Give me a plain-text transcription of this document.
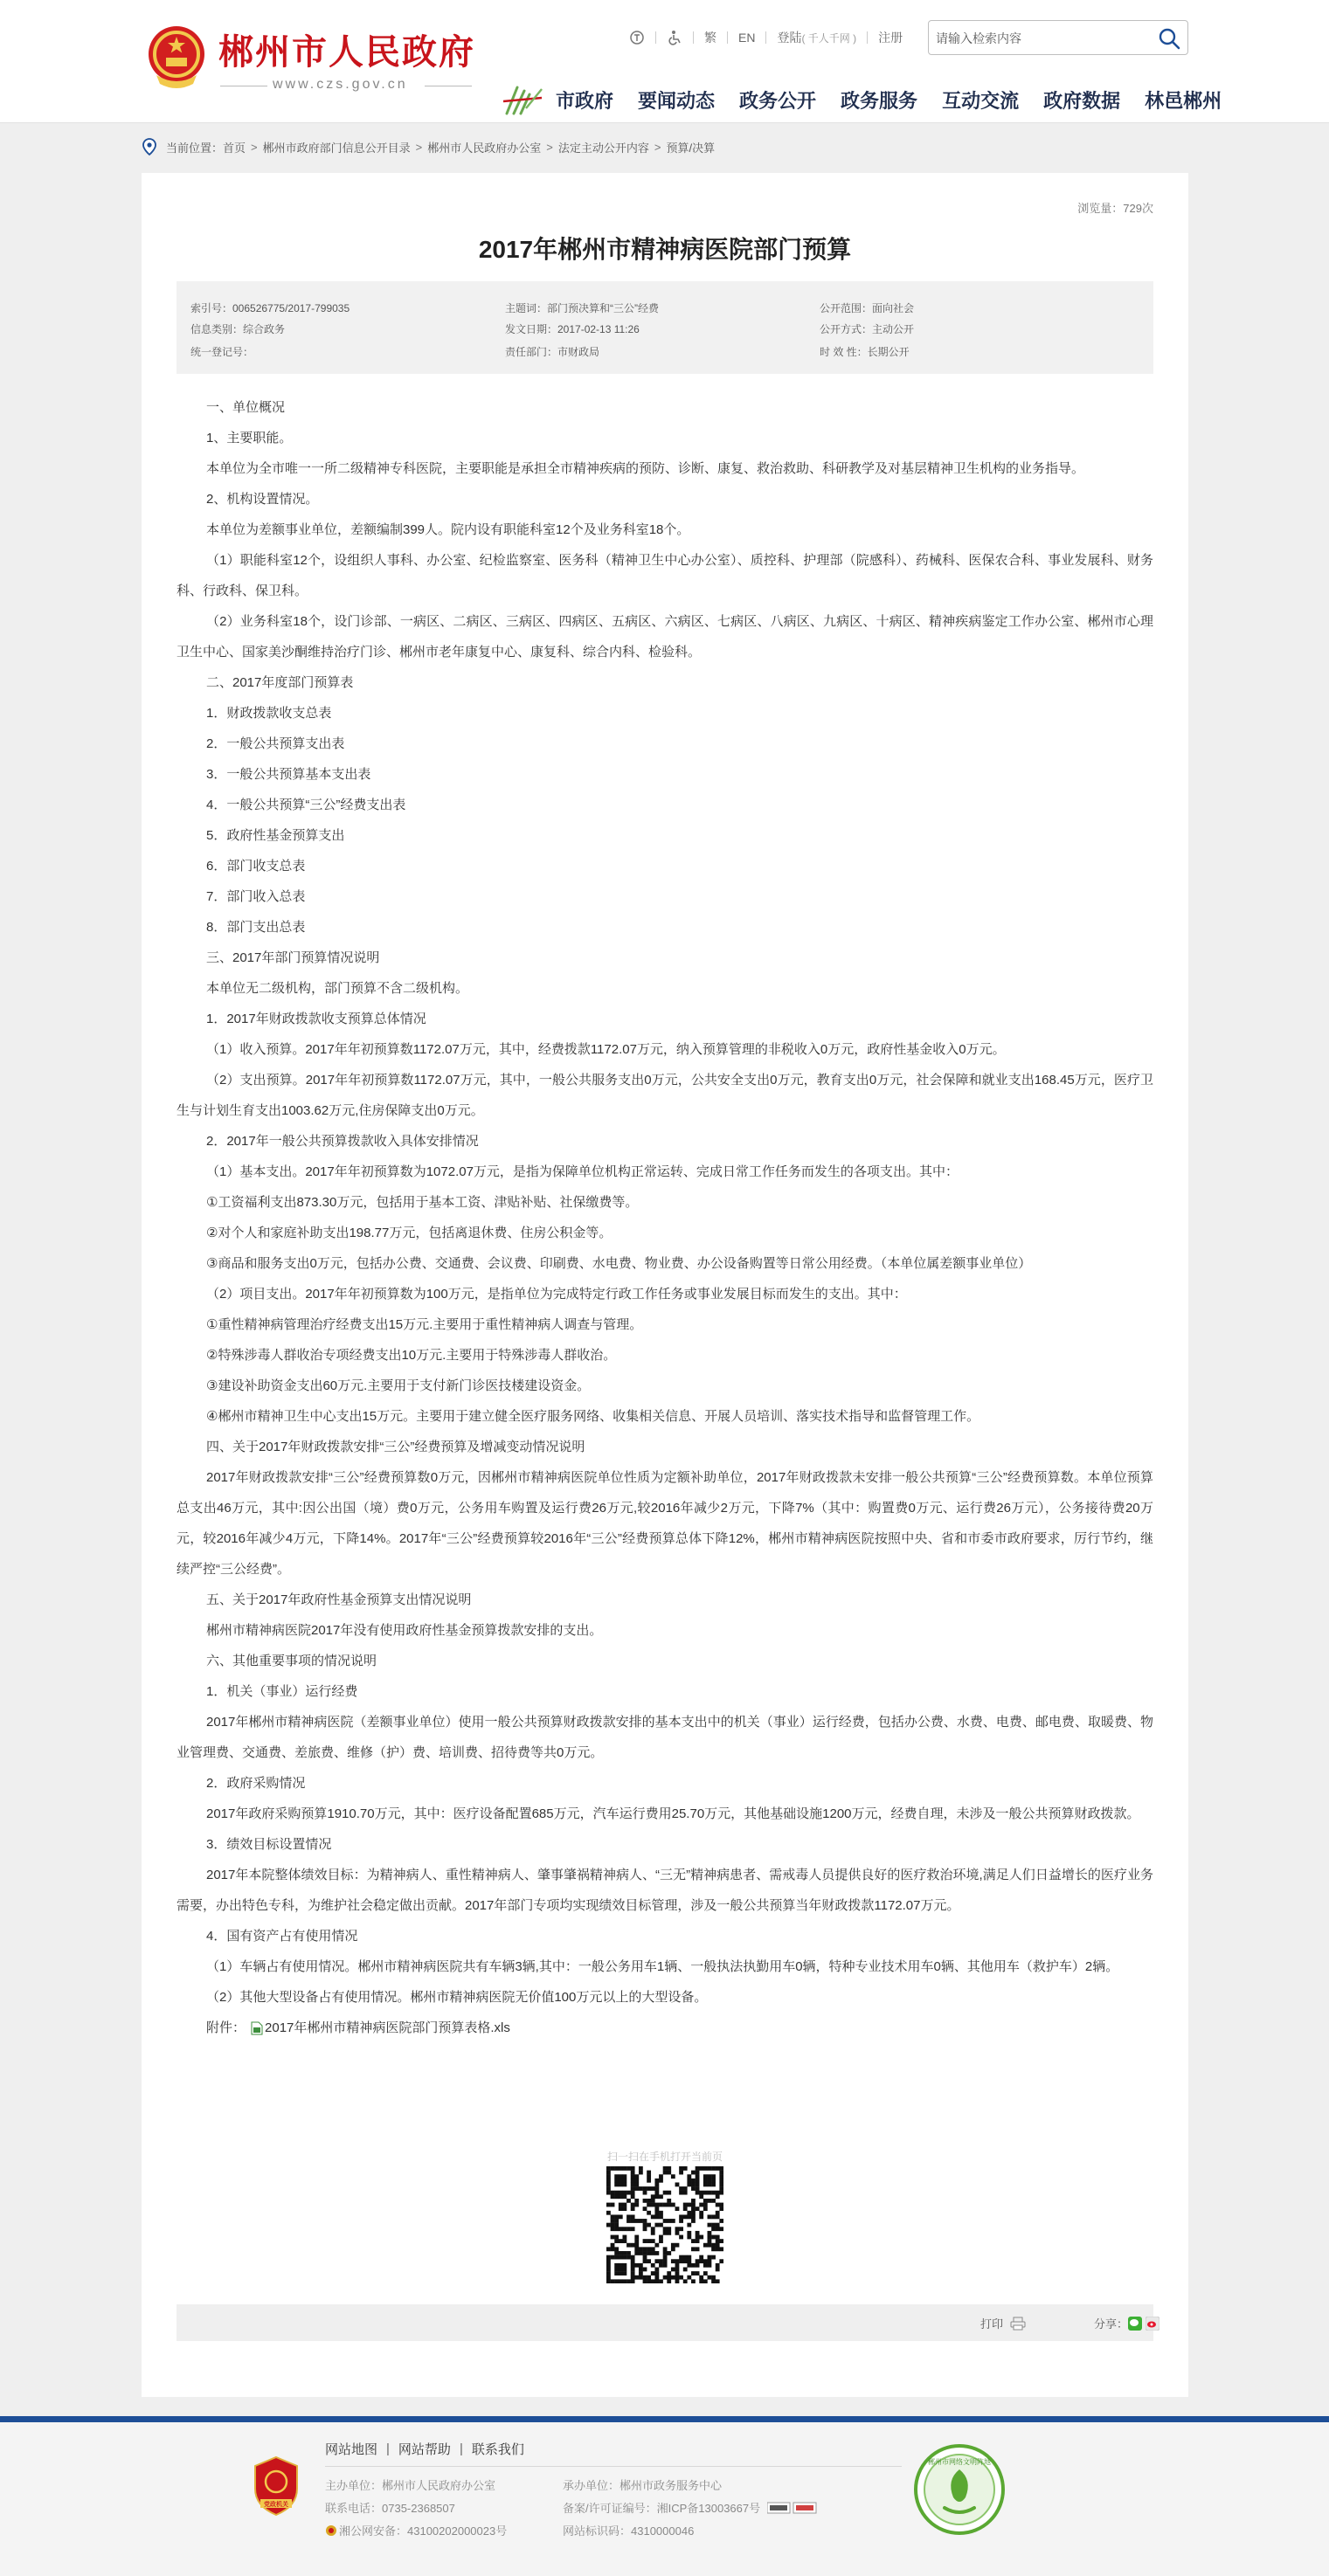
郴州市人民政府
www.czs.gov.cn
繁 EN 登陆 ( 千人千网 ) 注册
请输入检索内容
市政府 要闻动态 政务公开 政务服务 互动交流 政府数据 林邑郴州
当前位置： 首页 > 郴州市政府部门信息公开目录 > 郴州市人民政府办公室 > 法定主动公开内容 > 预算/决算
浏览量：729次
2017年郴州市精神病医院部门预算
索引号：006526775/2017-799035
信息类别：综合政务
统一登记号：
主题词：部门预决算和“三公”经费
发文日期：2017-02-13 11:26
责任部门：市财政局
公开范围：面向社会
公开方式：主动公开
时 效 性：长期公开

一、单位概况

1、主要职能。

本单位为全市唯一一所二级精神专科医院，主要职能是承担全市精神疾病的预防、诊断、康复、救治救助、科研教学及对基层精神卫生机构的业务指导。

2、机构设置情况。

本单位为差额事业单位，差额编制399人。院内设有职能科室12个及业务科室18个。

（1）职能科室12个，设组织人事科、办公室、纪检监察室、医务科（精神卫生中心办公室）、质控科、护理部（院感科）、药械科、医保农合科、事业发展科、财务科、行政科、保卫科。

（2）业务科室18个，设门诊部、一病区、二病区、三病区、四病区、五病区、六病区、七病区、八病区、九病区、十病区、精神疾病鉴定工作办公室、郴州市心理卫生中心、国家美沙酮维持治疗门诊、郴州市老年康复中心、康复科、综合内科、检验科。

二、2017年度部门预算表

1．财政拨款收支总表

2．一般公共预算支出表

3．一般公共预算基本支出表

4．一般公共预算“三公”经费支出表

5．政府性基金预算支出

6．部门收支总表

7．部门收入总表

8．部门支出总表

三、2017年部门预算情况说明

本单位无二级机构，部门预算不含二级机构。

1．2017年财政拨款收支预算总体情况

（1）收入预算。2017年年初预算数1172.07万元，其中，经费拨款1172.07万元，纳入预算管理的非税收入0万元，政府性基金收入0万元。

（2）支出预算。2017年年初预算数1172.07万元，其中，一般公共服务支出0万元，公共安全支出0万元，教育支出0万元，社会保障和就业支出168.45万元，医疗卫生与计划生育支出1003.62万元,住房保障支出0万元。

2．2017年一般公共预算拨款收入具体安排情况

（1）基本支出。2017年年初预算数为1072.07万元，是指为保障单位机构正常运转、完成日常工作任务而发生的各项支出。其中：

①工资福利支出873.30万元，包括用于基本工资、津贴补贴、社保缴费等。

②对个人和家庭补助支出198.77万元，包括离退休费、住房公积金等。

③商品和服务支出0万元，包括办公费、交通费、会议费、印刷费、水电费、物业费、办公设备购置等日常公用经费。（本单位属差额事业单位）

（2）项目支出。2017年年初预算数为100万元，是指单位为完成特定行政工作任务或事业发展目标而发生的支出。其中：

①重性精神病管理治疗经费支出15万元.主要用于重性精神病人调查与管理。

②特殊涉毒人群收治专项经费支出10万元.主要用于特殊涉毒人群收治。

③建设补助资金支出60万元.主要用于支付新门诊医技楼建设资金。

④郴州市精神卫生中心支出15万元。主要用于建立健全医疗服务网络、收集相关信息、开展人员培训、落实技术指导和监督管理工作。

四、关于2017年财政拨款安排“三公”经费预算及增减变动情况说明

2017年财政拨款安排“三公”经费预算数0万元，因郴州市精神病医院单位性质为定额补助单位，2017年财政拨款未安排一般公共预算“三公”经费预算数。本单位预算总支出46万元，其中:因公出国（境）费0万元，公务用车购置及运行费26万元,较2016年减少2万元，下降7%（其中：购置费0万元、运行费26万元），公务接待费20万元，较2016年减少4万元，下降14%。2017年“三公”经费预算较2016年“三公”经费预算总体下降12%，郴州市精神病医院按照中央、省和市委市政府要求，厉行节约，继续严控“三公经费”。

五、关于2017年政府性基金预算支出情况说明

郴州市精神病医院2017年没有使用政府性基金预算拨款安排的支出。

六、其他重要事项的情况说明

1．机关（事业）运行经费

2017年郴州市精神病医院（差额事业单位）使用一般公共预算财政拨款安排的基本支出中的机关（事业）运行经费，包括办公费、水费、电费、邮电费、取暖费、物业管理费、交通费、差旅费、维修（护）费、培训费、招待费等共0万元。

2．政府采购情况

2017年政府采购预算1910.70万元，其中：医疗设备配置685万元，汽车运行费用25.70万元，其他基础设施1200万元，经费自理，未涉及一般公共预算财政拨款。

3．绩效目标设置情况

2017年本院整体绩效目标：为精神病人、重性精神病人、肇事肇祸精神病人、“三无”精神病患者、需戒毒人员提供良好的医疗救治环境,满足人们日益增长的医疗业务需要，办出特色专科，为维护社会稳定做出贡献。2017年部门专项均实现绩效目标管理，涉及一般公共预算当年财政拨款1172.07万元。

4．国有资产占有使用情况

（1）车辆占有使用情况。郴州市精神病医院共有车辆3辆,其中：一般公务用车1辆、一般执法执勤用车0辆，特种专业技术用车0辆、其他用车（救护车）2辆。

（2）其他大型设备占有使用情况。郴州市精神病医院无价值100万元以上的大型设备。

附件： 2017年郴州市精神病医院部门预算表格.xls
扫一扫在手机打开当前页
打印	分享：
网站地图 | 网站帮助 | 联系我们
党政机关
主办单位：郴州市人民政府办公室
联系电话：0735-2368507
湘公网安备：43100202000023号
承办单位：郴州市政务服务中心
备案/许可证编号：湘ICP备13003667号
网站标识码：4310000046
郴州市网络文明阵地
